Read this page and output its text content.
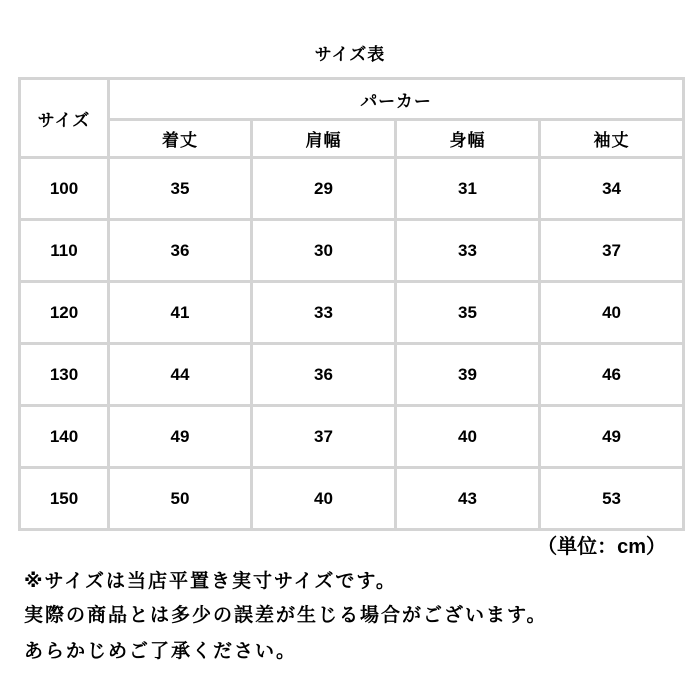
サイズ表
サイズ	パーカー			
	着丈	肩幅	身幅	袖丈
100	35	29	31	34
110	36	30	33	37
120	41	33	35	40
130	44	36	39	46
140	49	37	40	49
150	50	40	43	53
（単位：cm）
※サイズは当店平置き実寸サイズです。
実際の商品とは多少の誤差が生じる場合がございます。
あらかじめご了承ください。
